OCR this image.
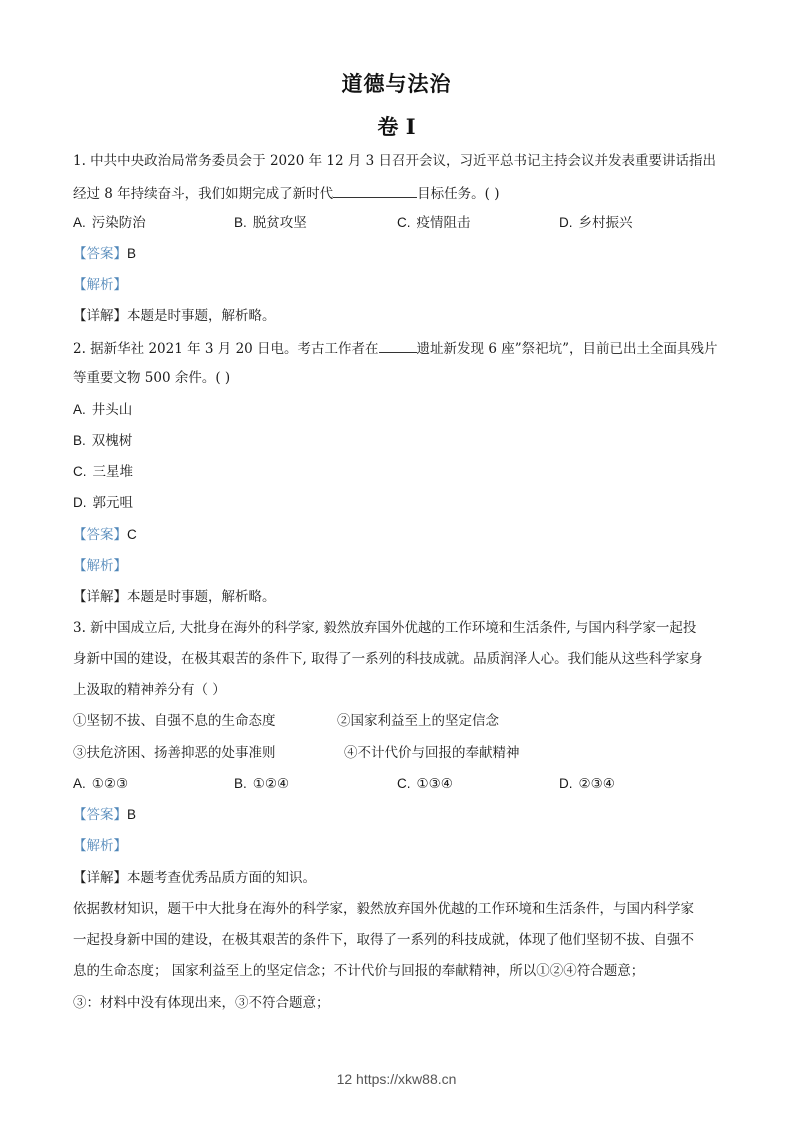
道德与法治
卷 I
1. 中共中央政治局常务委员会于 2020 年 12 月 3 日召开会议，习近平总书记主持会议并发表重要讲话指出
经过 8 年持续奋斗，我们如期完成了新时代	目标任务。( )
A. 污染防治	B. 脱贫攻坚	C. 疫情阻击	D. 乡村振兴
【答案】B
【解析】
【详解】本题是时事题，解析略。
2. 据新华社 2021 年 3 月 20 日电。考古工作者在	遗址新发现 6 座”祭祀坑”，目前已出土全面具残片
等重要文物 500 余件。( )
A. 井头山
B. 双槐树
C. 三星堆
D. 郭元咀
【答案】C
【解析】
【详解】本题是时事题，解析略。
3. 新中国成立后, 大批身在海外的科学家, 毅然放弃国外优越的工作环境和生活条件, 与国内科学家一起投
身新中国的建设，在极其艰苦的条件下, 取得了一系列的科技成就。品质润泽人心。我们能从这些科学家身
上汲取的精神养分有（ ）
①坚韧不拔、自强不息的生命态度	②国家利益至上的坚定信念
③扶危济困、扬善抑恶的处事准则	④不计代价与回报的奉献精神
A. ①②③	B. ①②④	C. ①③④	D. ②③④
【答案】B
【解析】
【详解】本题考查优秀品质方面的知识。
依据教材知识，题干中大批身在海外的科学家，毅然放弃国外优越的工作环境和生活条件，与国内科学家
一起投身新中国的建设，在极其艰苦的条件下，取得了一系列的科技成就，体现了他们坚韧不拔、自强不
息的生命态度； 国家利益至上的坚定信念；不计代价与回报的奉献精神，所以①②④符合题意；
③：材料中没有体现出来，③不符合题意；
12 https://xkw88.cn
